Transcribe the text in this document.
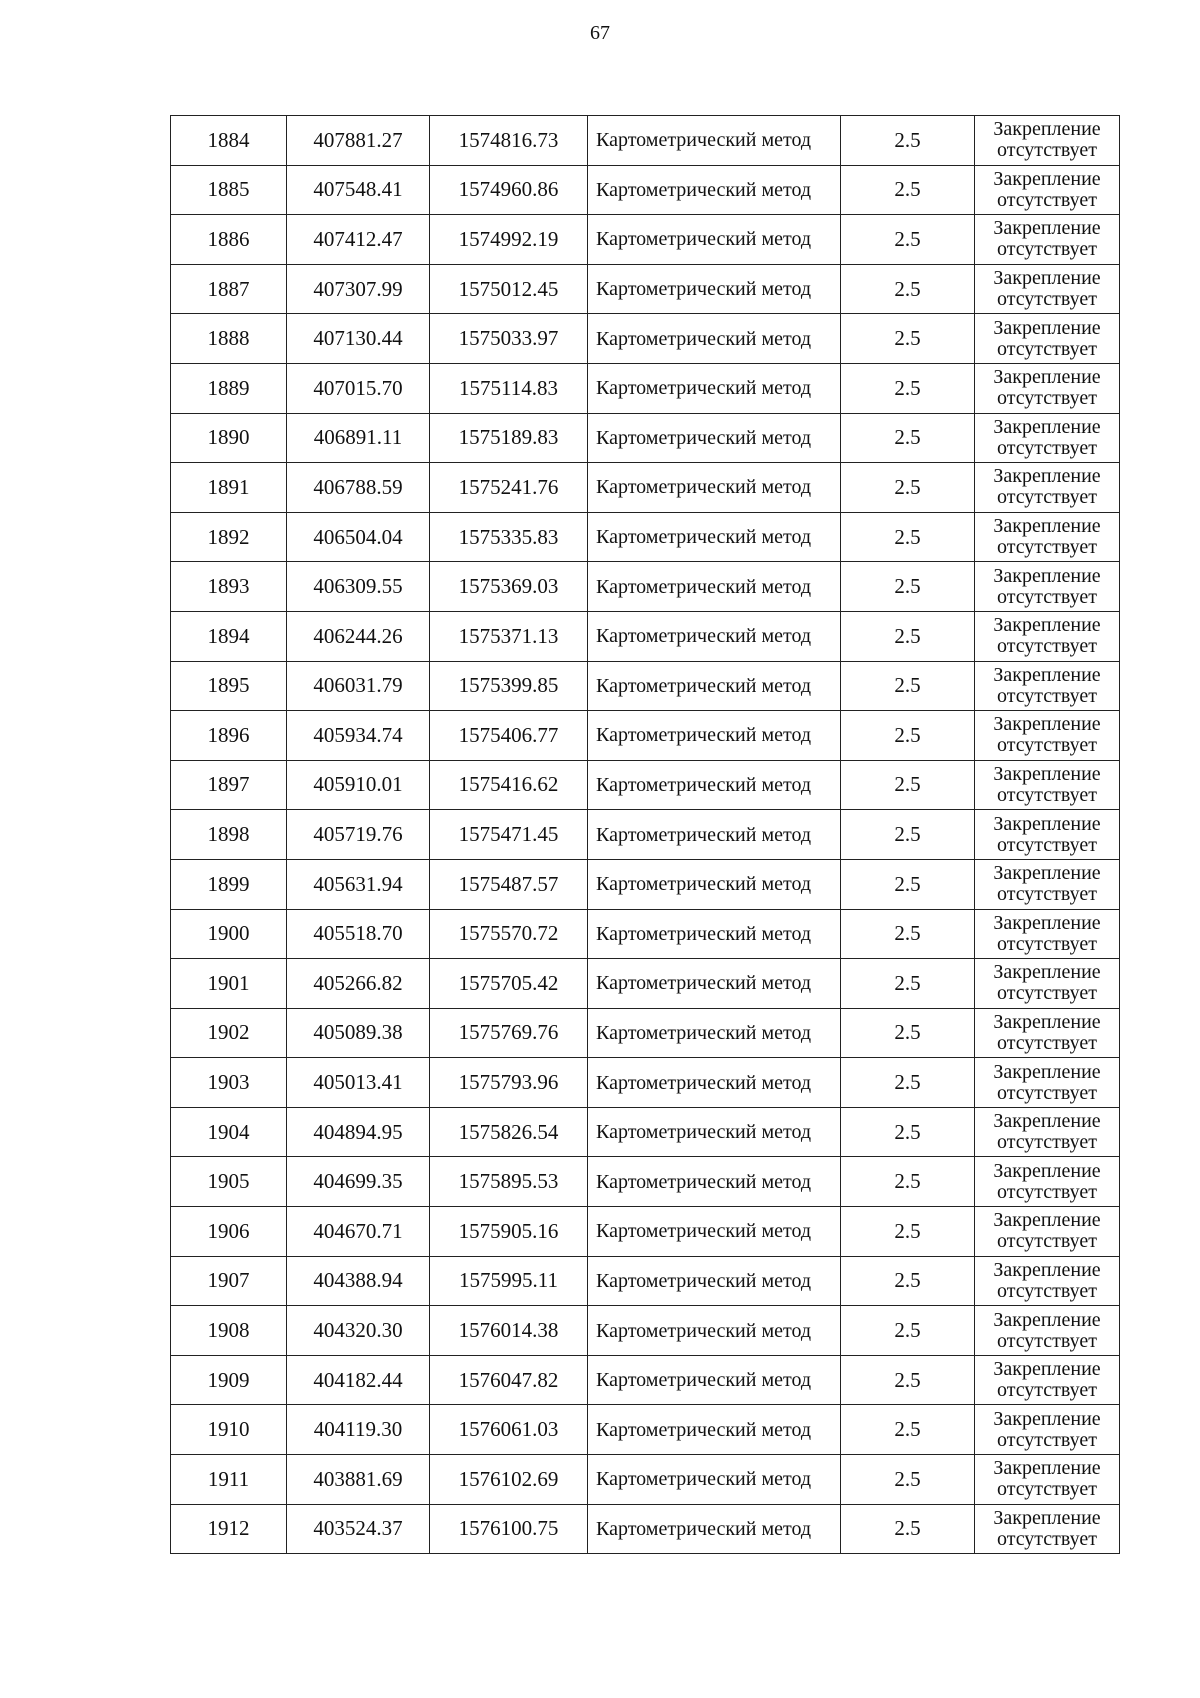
67
1884	407881.27	1574816.73	Картометрический метод	2.5	Закрепление
отсутствует

1885	407548.41	1574960.86	Картометрический метод	2.5	Закрепление
отсутствует

1886	407412.47	1574992.19	Картометрический метод	2.5	Закрепление
отсутствует

1887	407307.99	1575012.45	Картометрический метод	2.5	Закрепление
отсутствует

1888	407130.44	1575033.97	Картометрический метод	2.5	Закрепление
отсутствует

1889	407015.70	1575114.83	Картометрический метод	2.5	Закрепление
отсутствует

1890	406891.11	1575189.83	Картометрический метод	2.5	Закрепление
отсутствует

1891	406788.59	1575241.76	Картометрический метод	2.5	Закрепление
отсутствует

1892	406504.04	1575335.83	Картометрический метод	2.5	Закрепление
отсутствует

1893	406309.55	1575369.03	Картометрический метод	2.5	Закрепление
отсутствует

1894	406244.26	1575371.13	Картометрический метод	2.5	Закрепление
отсутствует

1895	406031.79	1575399.85	Картометрический метод	2.5	Закрепление
отсутствует

1896	405934.74	1575406.77	Картометрический метод	2.5	Закрепление
отсутствует

1897	405910.01	1575416.62	Картометрический метод	2.5	Закрепление
отсутствует

1898	405719.76	1575471.45	Картометрический метод	2.5	Закрепление
отсутствует

1899	405631.94	1575487.57	Картометрический метод	2.5	Закрепление
отсутствует

1900	405518.70	1575570.72	Картометрический метод	2.5	Закрепление
отсутствует

1901	405266.82	1575705.42	Картометрический метод	2.5	Закрепление
отсутствует

1902	405089.38	1575769.76	Картометрический метод	2.5	Закрепление
отсутствует

1903	405013.41	1575793.96	Картометрический метод	2.5	Закрепление
отсутствует

1904	404894.95	1575826.54	Картометрический метод	2.5	Закрепление
отсутствует

1905	404699.35	1575895.53	Картометрический метод	2.5	Закрепление
отсутствует

1906	404670.71	1575905.16	Картометрический метод	2.5	Закрепление
отсутствует

1907	404388.94	1575995.11	Картометрический метод	2.5	Закрепление
отсутствует

1908	404320.30	1576014.38	Картометрический метод	2.5	Закрепление
отсутствует

1909	404182.44	1576047.82	Картометрический метод	2.5	Закрепление
отсутствует

1910	404119.30	1576061.03	Картометрический метод	2.5	Закрепление
отсутствует

1911	403881.69	1576102.69	Картометрический метод	2.5	Закрепление
отсутствует

1912	403524.37	1576100.75	Картометрический метод	2.5	Закрепление
отсутствует
